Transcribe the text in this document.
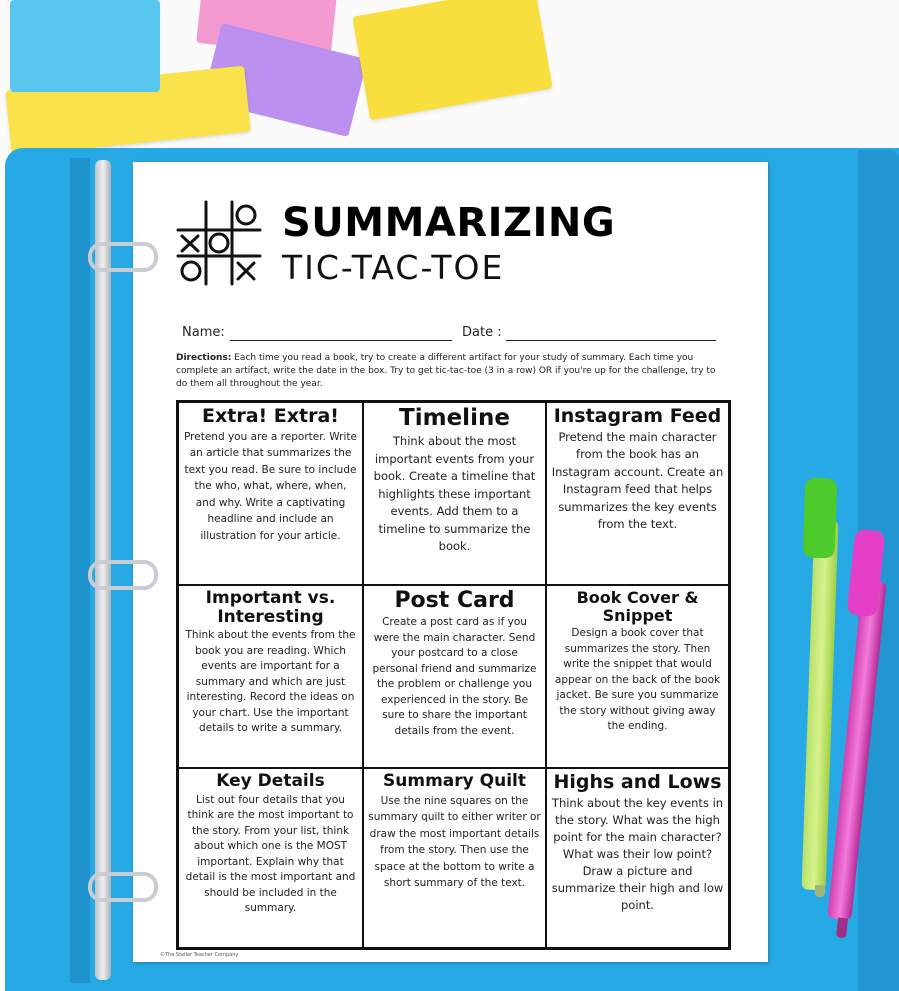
SUMMARIZING
TIC-TAC-TOE
Name:	Date :
Directions: Each time you read a book, try to create a different artifact for your study of summary. Each time you complete an artifact, write the date in the box. Try to get tic-tac-toe (3 in a row) OR if you're up for the challenge, try to do them all throughout the year.
Extra! Extra!
Pretend you are a reporter. Write an article that summarizes the text you read. Be sure to include the who, what, where, when, and why. Write a captivating headline and include an illustration for your article.
Timeline
Think about the most important events from your book. Create a timeline that highlights these important events. Add them to a timeline to summarize the book.
Instagram Feed
Pretend the main character from the book has an Instagram account. Create an Instagram feed that helps summarizes the key events from the text.
Important vs. Interesting
Think about the events from the book you are reading. Which events are important for a summary and which are just interesting. Record the ideas on your chart. Use the important details to write a summary.
Post Card
Create a post card as if you were the main character. Send your postcard to a close personal friend and summarize the problem or challenge you experienced in the story. Be sure to share the important details from the event.
Book Cover & Snippet
Design a book cover that summarizes the story. Then write the snippet that would appear on the back of the book jacket. Be sure you summarize the story without giving away the ending.
Key Details
List out four details that you think are the most important to the story. From your list, think about which one is the MOST important. Explain why that detail is the most important and should be included in the summary.
Summary Quilt
Use the nine squares on the summary quilt to either writer or draw the most important details from the story. Then use the space at the bottom to write a short summary of the text.
Highs and Lows
Think about the key events in the story. What was the high point for the main character? What was their low point? Draw a picture and summarize their high and low point.
©The Stellar Teacher Company
